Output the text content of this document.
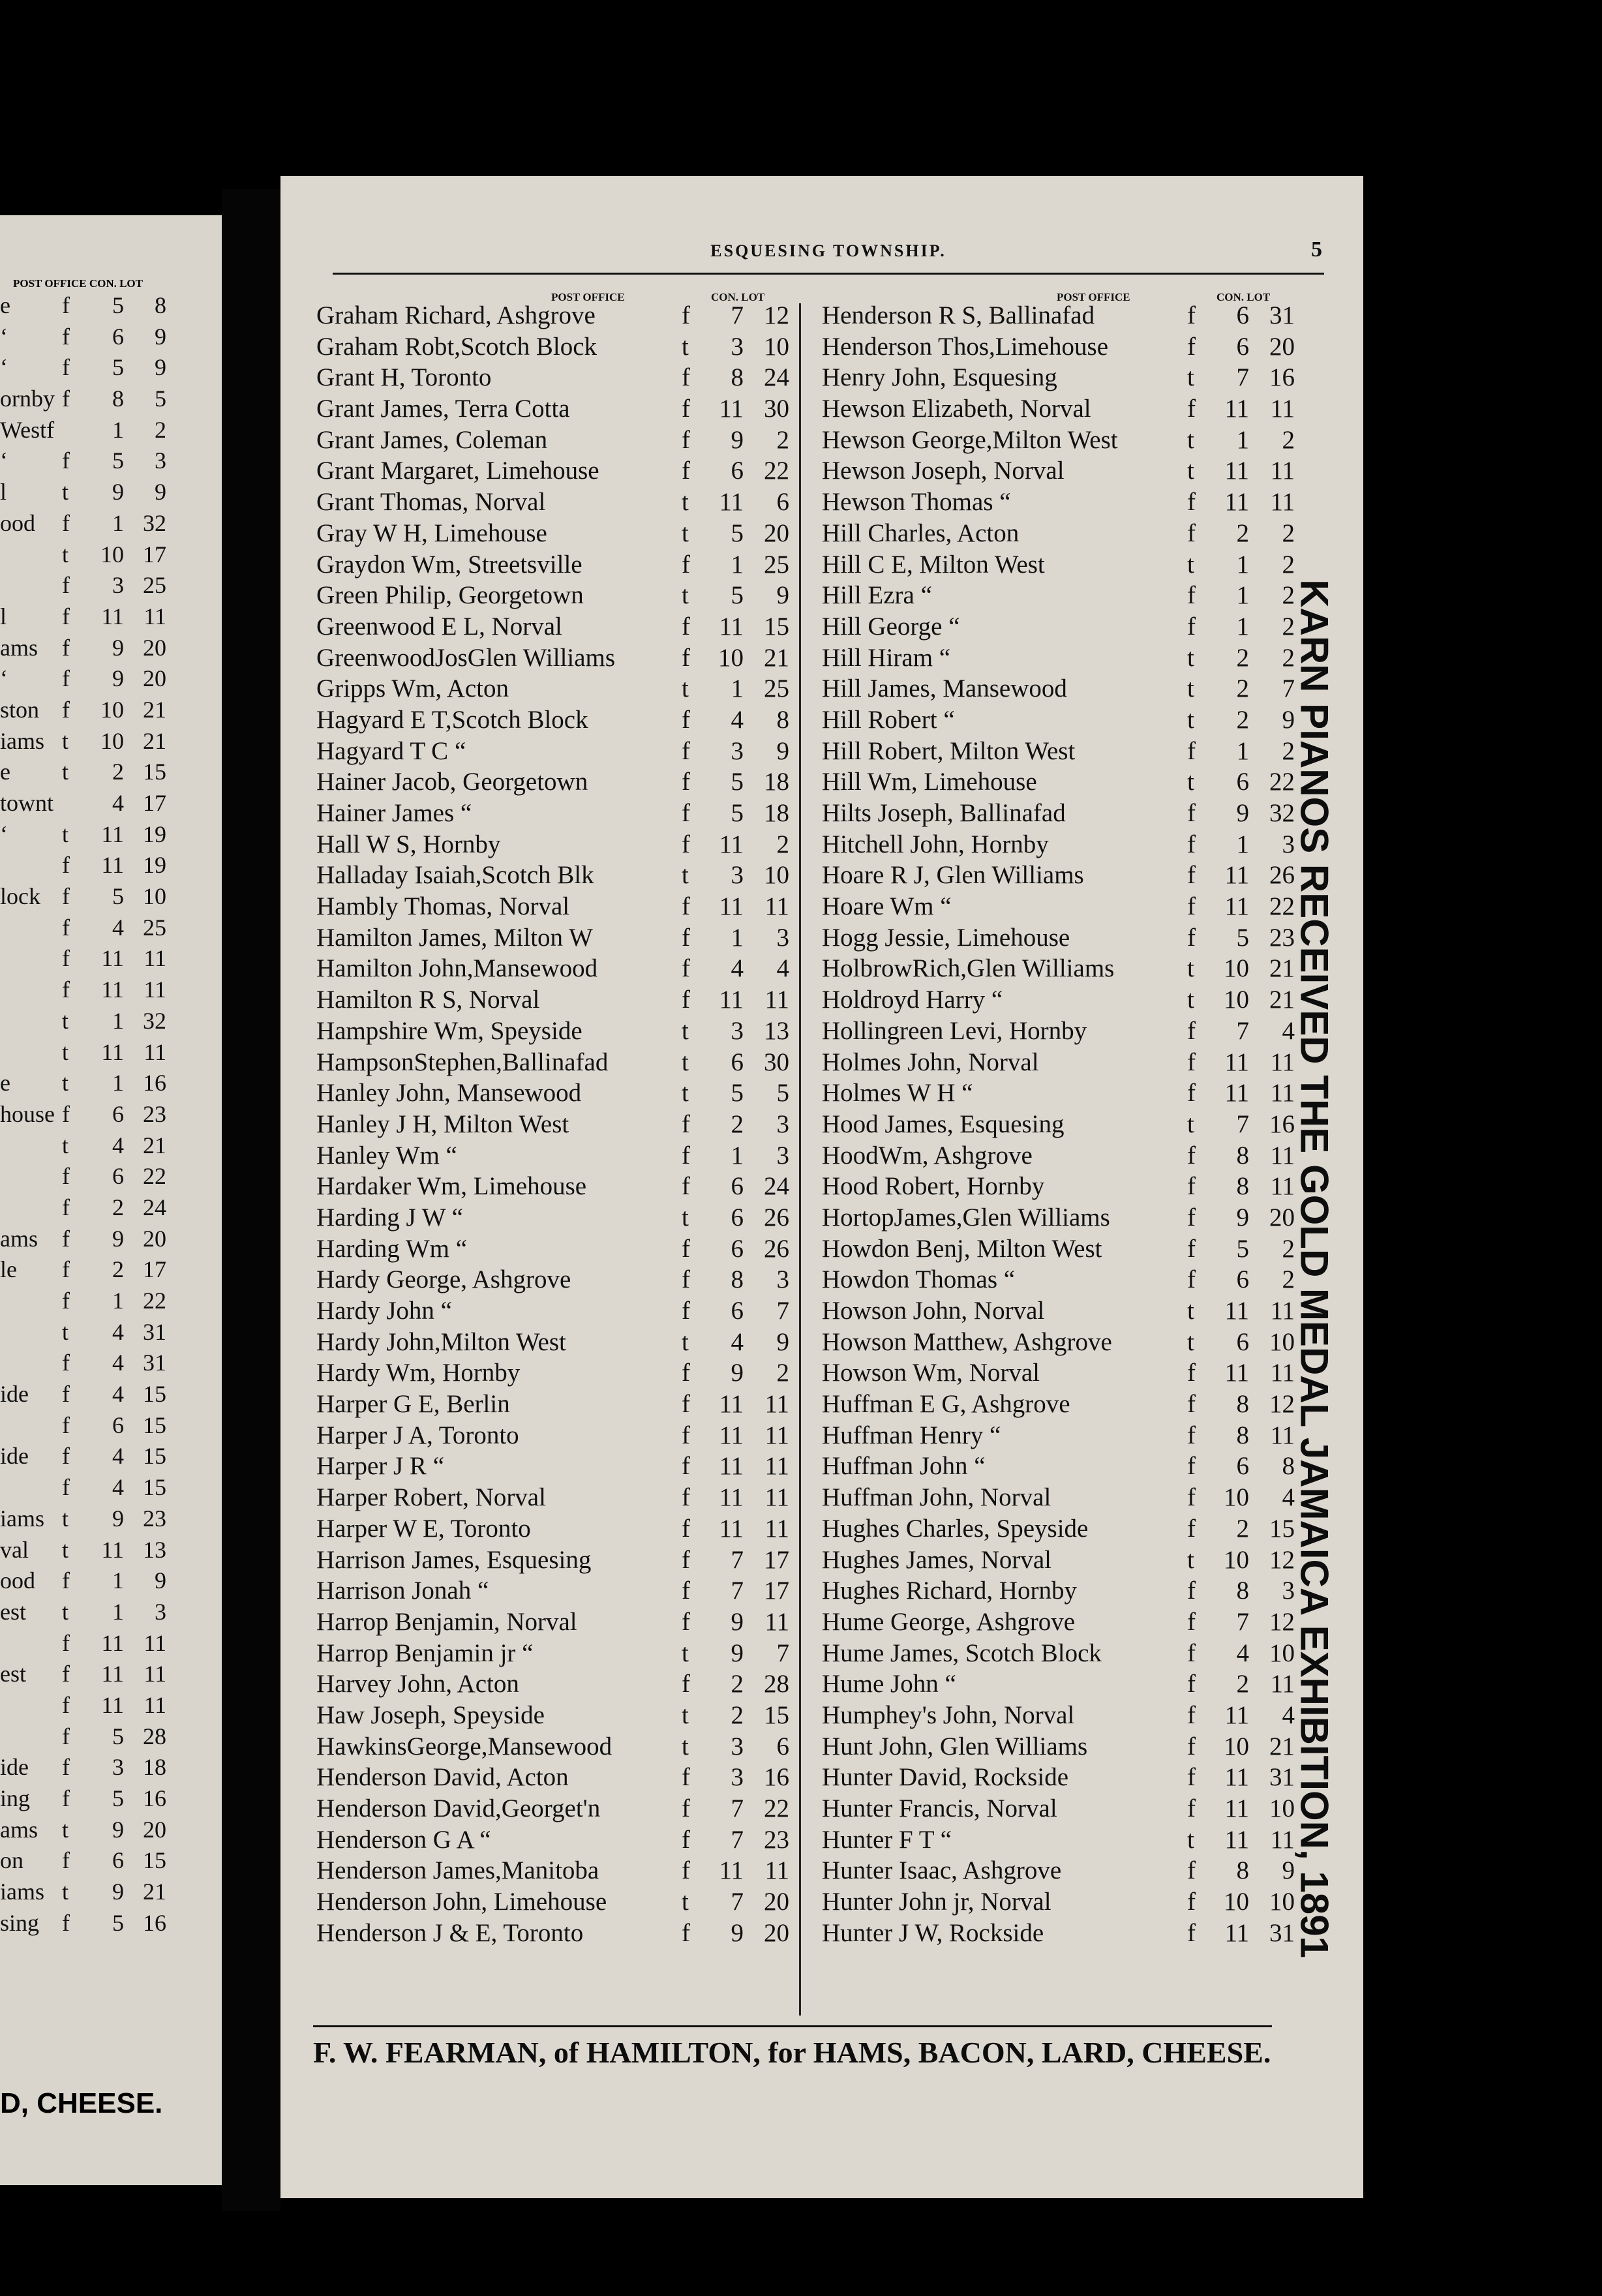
POST OFFICE CON. LOT
e f	5	8
‘ f	6	9
‘ f	5	9
ornby f	8	5
Westf	1	2
‘ f	5	3
l t	9	9
ood f	1 32
t	10 17
f	3 25
l f	11 11
ams f	9 20
‘ f	9 20
ston f	10 21
iams t	10 21
e t	2 15
townt	4 17
‘ t	11 19
f	11 19
lock f	5 10
f	4 25
f	11 11
f	11 11
t	1 32
t	11 11
e t	1 16
house f	6 23
t	4 21
f	6 22
f	2 24
ams f	9 20
le f	2 17
f	1 22
t	4 31
f	4 31
ide f	4 15
f	6 15
ide f	4 15
f	4 15
iams t	9 23
val t	11 13
ood f	1	9
est t	1	3
f	11 11
est f	11 11
f	11 11
f	5 28
ide f	3 18
ing f	5 16
ams t	9 20
on f	6 15
iams t	9 21
sing f	5 16
D, CHEESE.
ESQUESING TOWNSHIP.	5
POST OFFICE	CON. LOT
Graham Richard, Ashgrove	f	7 12
Graham Robt,Scotch Block	t	3 10
Grant H, Toronto	f	8 24
Grant James, Terra Cotta	f	11 30
Grant James, Coleman	f	9	2
Grant Margaret, Limehouse	f	6 22
Grant Thomas, Norval	t	11	6
Gray W H, Limehouse	t	5 20
Graydon Wm, Streetsville	f	1 25
Green Philip, Georgetown	t	5	9
Greenwood E L, Norval	f	11 15
GreenwoodJosGlen Williams	f 10 21
Gripps Wm, Acton	t	1 25
Hagyard E T,Scotch Block	f	4	8
Hagyard T C “	f	3	9
Hainer Jacob, Georgetown	f	5 18
Hainer James “	f	5 18
Hall W S, Hornby	f	11	2
Halladay Isaiah,Scotch Blk	t	3 10
Hambly Thomas, Norval	f	11 11
Hamilton James, Milton W	f	1	3
Hamilton John,Mansewood	f	4	4
Hamilton R S, Norval	f	11 11
Hampshire Wm, Speyside	t	3 13
HampsonStephen,Ballinafad	t	6 30
Hanley John, Mansewood	t	5	5
Hanley J H, Milton West	f	2	3
Hanley Wm “	f	1	3
Hardaker Wm, Limehouse	f	6 24
Harding J W “	t	6 26
Harding Wm “	f	6 26
Hardy George, Ashgrove	f	8	3
Hardy John “	f	6	7
Hardy John,Milton West	t	4	9
Hardy Wm, Hornby	f	9	2
Harper G E, Berlin	f	11 11
Harper J A, Toronto	f	11 11
Harper J R “	f	11 11
Harper Robert, Norval	f	11 11
Harper W E, Toronto	f	11 11
Harrison James, Esquesing	f	7 17
Harrison Jonah “	f	7 17
Harrop Benjamin, Norval	f	9 11
Harrop Benjamin jr “	t	9	7
Harvey John, Acton	f	2 28
Haw Joseph, Speyside	t	2 15
HawkinsGeorge,Mansewood	t	3	6
Henderson David, Acton	f	3 16
Henderson David,Georget'n	f	7 22
Henderson G A “	f	7 23
Henderson James,Manitoba	f	11 11
Henderson John, Limehouse	t	7 20
Henderson J & E, Toronto	f	9 20
POST OFFICE	CON. LOT
Henderson R S, Ballinafad	f	6 31
Henderson Thos,Limehouse	f	6 20
Henry John, Esquesing	t	7 16
Hewson Elizabeth, Norval	f	11 11
Hewson George,Milton West	t	1	2
Hewson Joseph, Norval	t	11 11
Hewson Thomas “	f	11 11
Hill Charles, Acton	f	2	2
Hill C E, Milton West	t	1	2
Hill Ezra “	f	1	2
Hill George “	f	1	2
Hill Hiram “	t	2	2
Hill James, Mansewood	t	2	7
Hill Robert “	t	2	9
Hill Robert, Milton West	f	1	2
Hill Wm, Limehouse	t	6 22
Hilts Joseph, Ballinafad	f	9 32
Hitchell John, Hornby	f	1	3
Hoare R J, Glen Williams	f	11 26
Hoare Wm “	f	11 22
Hogg Jessie, Limehouse	f	5 23
HolbrowRich,Glen Williams	t 10 21
Holdroyd Harry “	t 10 21
Hollingreen Levi, Hornby	f	7	4
Holmes John, Norval	f	11 11
Holmes W H “	f	11 11
Hood James, Esquesing	t	7 16
HoodWm, Ashgrove	f	8 11
Hood Robert, Hornby	f	8 11
HortopJames,Glen Williams	f	9 20
Howdon Benj, Milton West	f	5	2
Howdon Thomas “	f	6	2
Howson John, Norval	t	11 11
Howson Matthew, Ashgrove	t	6 10
Howson Wm, Norval	f	11 11
Huffman E G, Ashgrove	f	8 12
Huffman Henry “	f	8 11
Huffman John “	f	6	8
Huffman John, Norval	f 10	4
Hughes Charles, Speyside	f	2 15
Hughes James, Norval	t 10 12
Hughes Richard, Hornby	f	8	3
Hume George, Ashgrove	f	7 12
Hume James, Scotch Block	f	4 10
Hume John “	f	2 11
Humphey's John, Norval	f	11	4
Hunt John, Glen Williams	f 10 21
Hunter David, Rockside	f	11 31
Hunter Francis, Norval	f	11 10
Hunter F T “	t	11 11
Hunter Isaac, Ashgrove	f	8	9
Hunter John jr, Norval	f 10 10
Hunter J W, Rockside	f	11 31
F. W. FEARMAN, of HAMILTON, for HAMS, BACON, LARD, CHEESE.
KARN PIANOS RECEIVED THE GOLD MEDAL JAMAICA EXHIBITION, 1891
